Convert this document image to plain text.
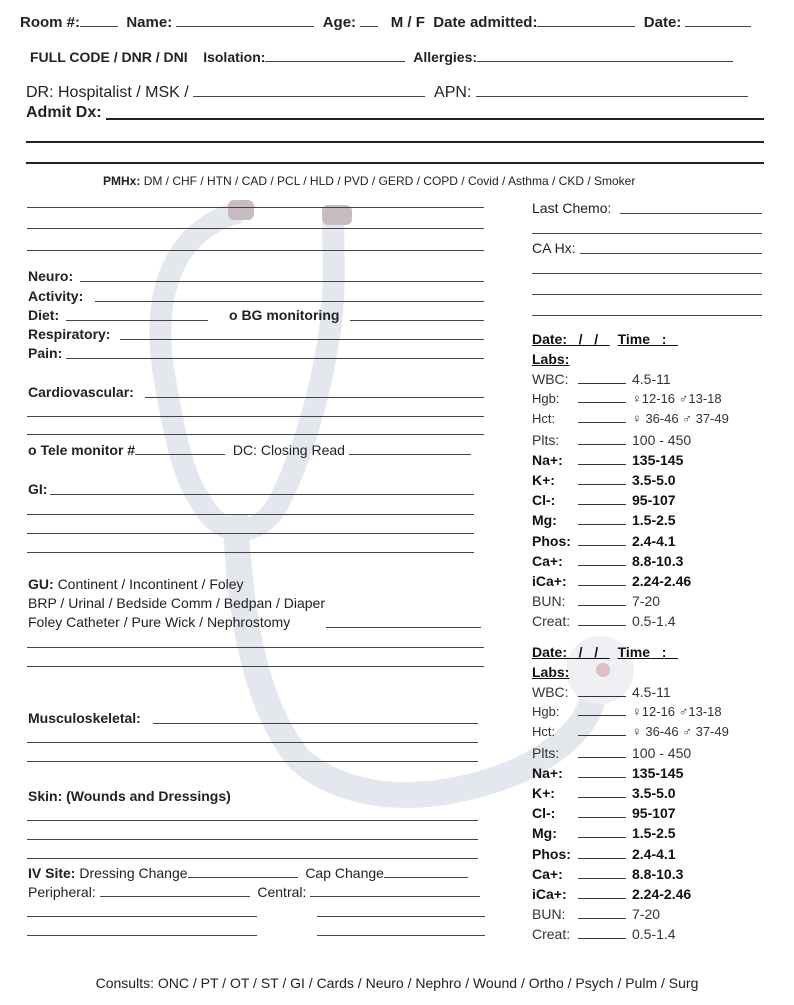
Room #:	Name:	Age: M / F Date admitted:	Date:
FULL CODE / DNR / DNI Isolation:	Allergies:
DR: Hospitalist / MSK /	APN:
Admit Dx:
PMHx: DM / CHF / HTN / CAD / PCL / HLD / PVD / GERD / COPD / Covid / Asthma / CKD / Smoker
Neuro:
Activity:
Diet:	o BG monitoring
Respiratory:
Pain:
Cardiovascular:
o Tele monitor #	DC: Closing Read
GI:
GU: Continent / Incontinent / Foley
BRP / Urinal / Bedside Comm / Bedpan / Diaper
Foley Catheter / Pure Wick / Nephrostomy
Musculoskeletal:
Skin: (Wounds and Dressings)
IV Site: Dressing Change	Cap Change
Peripheral:	Central:
Last Chemo:
CA Hx:
Date:   /   /     Time   :
Labs:
WBC:	4.5-11
Hgb:	♀12-16 ♂13-18
Hct:	♀ 36-46 ♂ 37-49
Plts:	100 - 450
Na+:	135-145
K+:	3.5-5.0
Cl-:	95-107
Mg:	1.5-2.5
Phos:	2.4-4.1
Ca+:	8.8-10.3
iCa+:	2.24-2.46
BUN:	7-20
Creat:	0.5-1.4
Date:   /   /     Time   :
Labs:
WBC:	4.5-11
Hgb:	♀12-16 ♂13-18
Hct:	♀ 36-46 ♂ 37-49
Plts:	100 - 450
Na+:	135-145
K+:	3.5-5.0
Cl-:	95-107
Mg:	1.5-2.5
Phos:	2.4-4.1
Ca+:	8.8-10.3
iCa+:	2.24-2.46
BUN:	7-20
Creat:	0.5-1.4
Consults: ONC / PT / OT / ST / GI / Cards / Neuro / Nephro / Wound / Ortho / Psych / Pulm / Surg
